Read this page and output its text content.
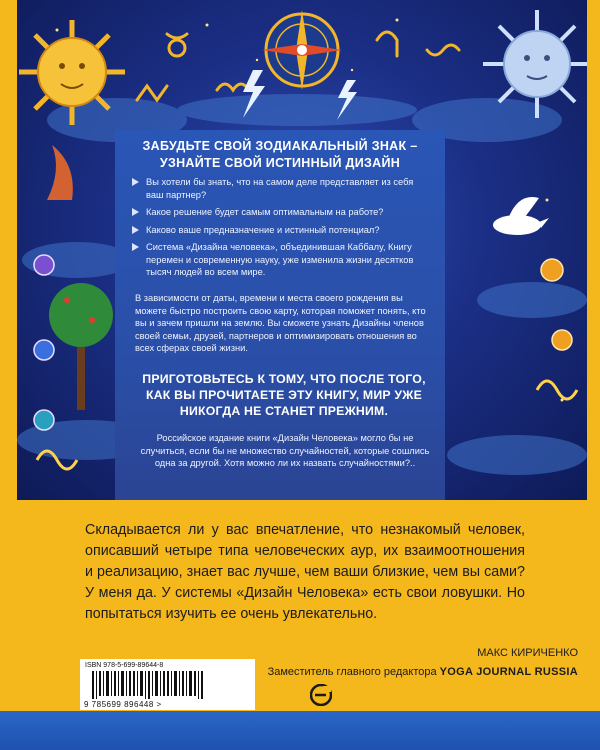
ЗАБУДЬТЕ СВОЙ ЗОДИАКАЛЬНЫЙ ЗНАК –
УЗНАЙТЕ СВОЙ ИСТИННЫЙ ДИЗАЙН
Вы хотели бы знать, что на самом деле представляет из себя ваш партнер?
Какое решение будет самым оптимальным на работе?
Каково ваше предназначение и истинный потенциал?
Система «Дизайна человека», объединившая Каббалу, Книгу перемен и современную науку, уже изменила жизни десятков тысяч людей во всем мире.
В зависимости от даты, времени и места своего рождения вы можете быстро построить свою карту, которая поможет понять, кто вы и зачем пришли на землю. Вы сможете узнать Дизайны членов своей семьи, друзей, партнеров и оптимизировать отношения во всех сферах своей жизни.
ПРИГОТОВЬТЕСЬ К ТОМУ, ЧТО ПОСЛЕ ТОГО, КАК ВЫ ПРОЧИТАЕТЕ ЭТУ КНИГУ, МИР УЖЕ НИКОГДА НЕ СТАНЕТ ПРЕЖНИМ.
Российское издание книги «Дизайн Человека» могло бы не случиться, если бы не множество случайностей, которые сошлись одна за другой. Хотя можно ли их назвать случайностями?..
Складывается ли у вас впечатление, что незнакомый человек, описавший четыре типа человеческих аур, их взаимоотношения и реализацию, знает вас лучше, чем ваши близкие, чем вы сами? У меня да. У системы «Дизайн Человека» есть свои ловушки. Но попытаться изучить ее очень увлекательно.
МАКС КИРИЧЕНКО
Заместитель главного редактора YOGA JOURNAL RUSSIA
ISBN 978-5-699-89644-8
9 785699 896448 >
